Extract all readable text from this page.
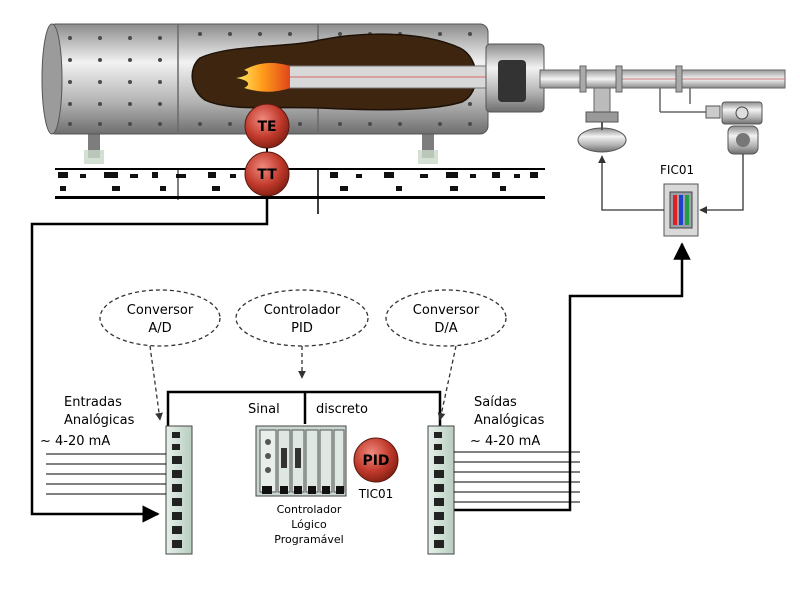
FIC01
TE
TT
Conversor
A/D
Controlador
PID
Conversor
D/A
Sinal	discreto
Entradas
Analógicas
~ 4-20 mA
Saídas
Analógicas
~ 4-20 mA
Controlador
Lógico
Programável
PID
TIC01
